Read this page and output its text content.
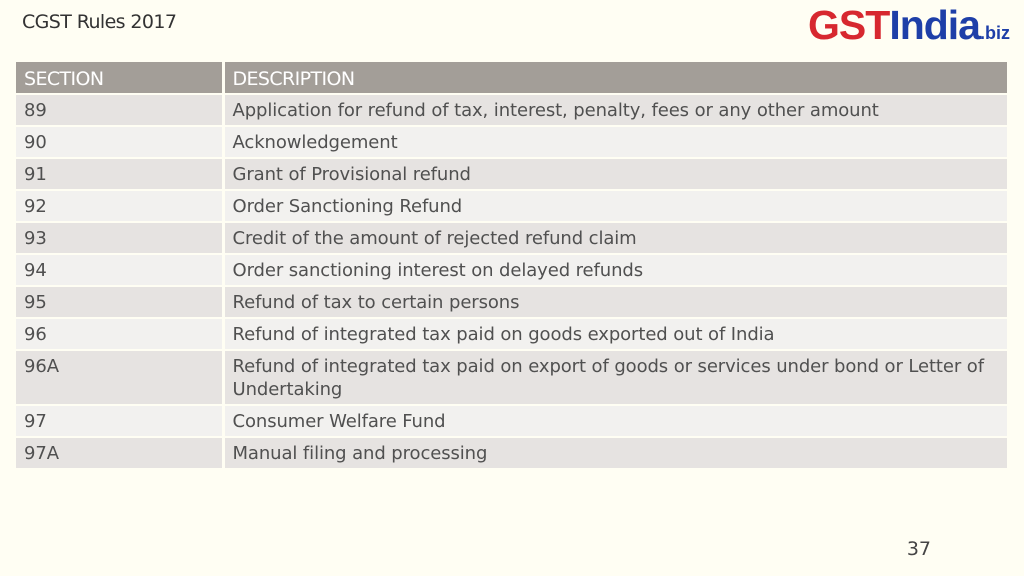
CGST Rules 2017	GSTIndia.biz
SECTION	DESCRIPTION
89	Application for refund of tax, interest, penalty, fees or any other amount
90	Acknowledgement
91	Grant of Provisional refund
92	Order Sanctioning Refund
93	Credit of the amount of rejected refund claim
94	Order sanctioning interest on delayed refunds
95	Refund of tax to certain persons
96	Refund of integrated tax paid on goods exported out of India
96A	Refund of integrated tax paid on export of goods or services under bond or Letter of Undertaking
97	Consumer Welfare Fund
97A	Manual filing and processing
37
